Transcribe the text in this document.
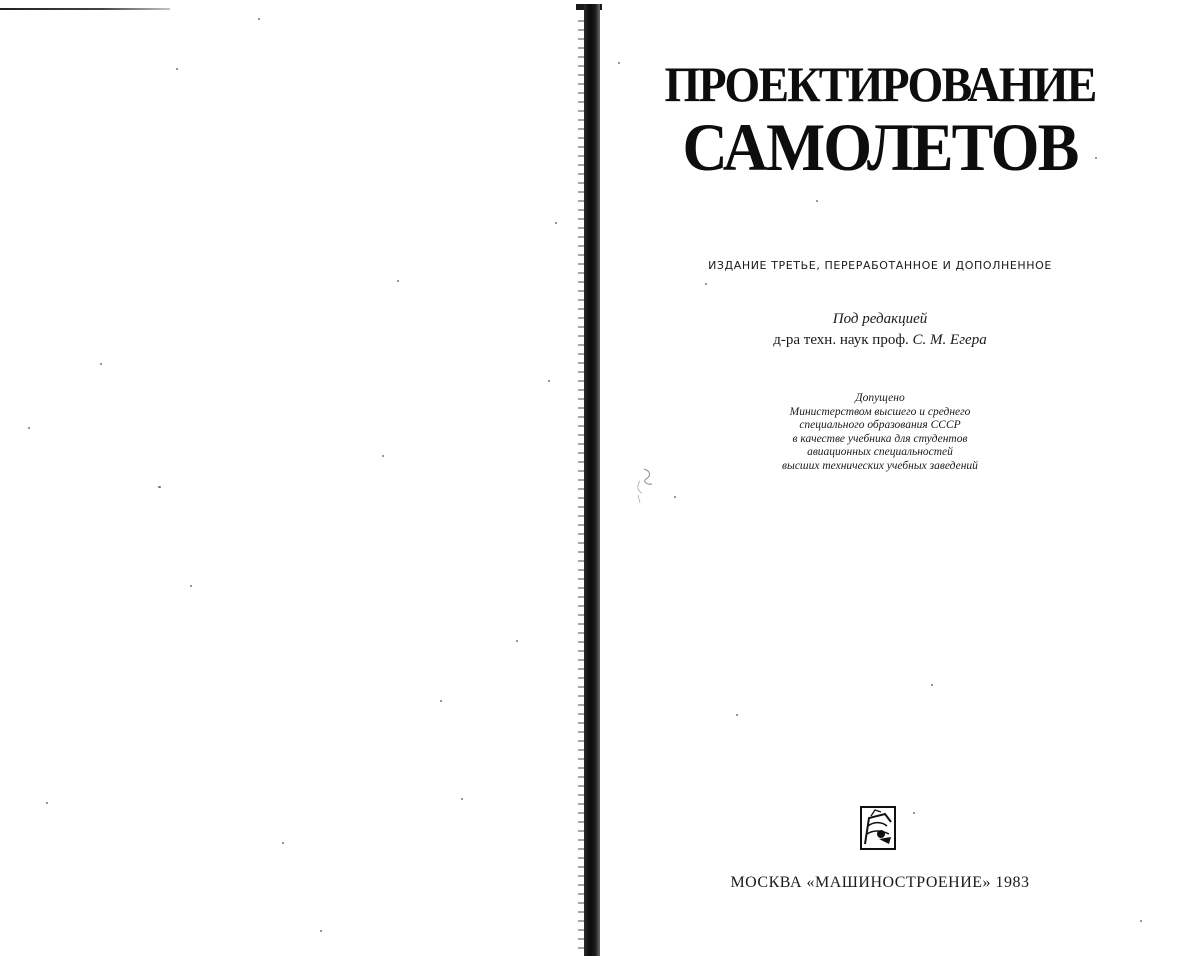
ПРОЕКТИРОВАНИЕ
САМОЛЕТОВ
ИЗДАНИЕ ТРЕТЬЕ, ПЕРЕРАБОТАННОЕ И ДОПОЛНЕННОЕ
Под редакцией
д-ра техн. наук проф. С. М. Егера
Допущено
Министерством высшего и среднего
специального образования СССР
в качестве учебника для студентов
авиационных специальностей
высших технических учебных заведений
МОСКВА «МАШИНОСТРОЕНИЕ» 1983
